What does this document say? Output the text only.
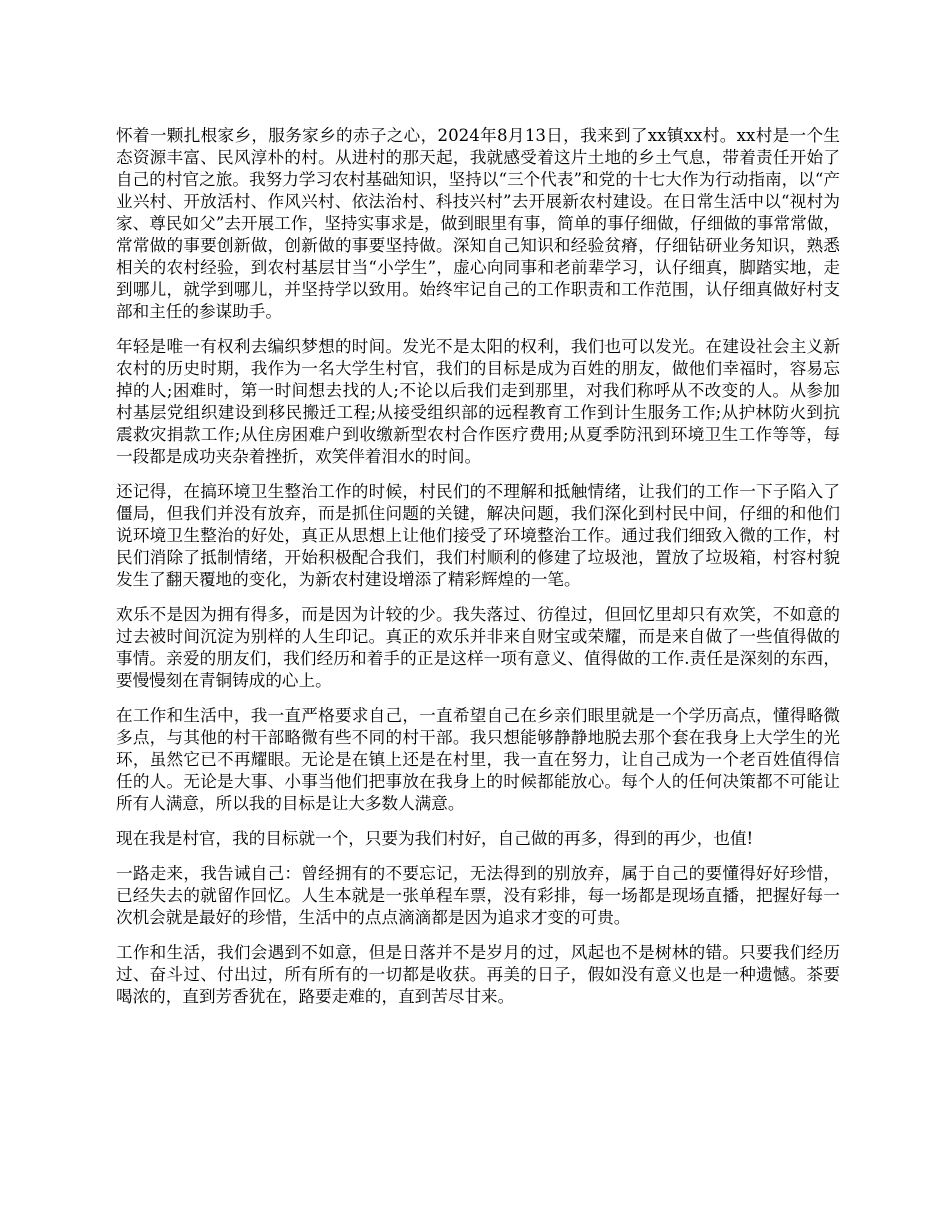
怀着一颗扎根家乡，服务家乡的赤子之心，2024年8月13日，我来到了xx镇xx村。xx村是一个生态资源丰富、民风淳朴的村。从进村的那天起，我就感受着这片土地的乡土气息，带着责任开始了自己的村官之旅。我努力学习农村基础知识，坚持以“三个代表”和党的十七大作为行动指南，以“产业兴村、开放活村、作风兴村、依法治村、科技兴村”去开展新农村建设。在日常生活中以“视村为家、尊民如父”去开展工作，坚持实事求是，做到眼里有事，简单的事仔细做，仔细做的事常常做，常常做的事要创新做，创新做的事要坚持做。深知自己知识和经验贫瘠，仔细钻研业务知识，熟悉相关的农村经验，到农村基层甘当“小学生”，虚心向同事和老前辈学习，认仔细真，脚踏实地，走到哪儿，就学到哪儿，并坚持学以致用。始终牢记自己的工作职责和工作范围，认仔细真做好村支部和主任的参谋助手。

年轻是唯一有权利去编织梦想的时间。发光不是太阳的权利，我们也可以发光。在建设社会主义新农村的历史时期，我作为一名大学生村官，我们的目标是成为百姓的朋友，做他们幸福时，容易忘掉的人;困难时，第一时间想去找的人;不论以后我们走到那里，对我们称呼从不改变的人。从参加村基层党组织建设到移民搬迁工程;从接受组织部的远程教育工作到计生服务工作;从护林防火到抗震救灾捐款工作;从住房困难户到收缴新型农村合作医疗费用;从夏季防汛到环境卫生工作等等，每一段都是成功夹杂着挫折，欢笑伴着泪水的时间。

还记得，在搞环境卫生整治工作的时候，村民们的不理解和抵触情绪，让我们的工作一下子陷入了僵局，但我们并没有放弃，而是抓住问题的关键，解决问题，我们深化到村民中间，仔细的和他们说环境卫生整治的好处，真正从思想上让他们接受了环境整治工作。通过我们细致入微的工作，村民们消除了抵制情绪，开始积极配合我们，我们村顺利的修建了垃圾池，置放了垃圾箱，村容村貌发生了翻天覆地的变化，为新农村建设增添了精彩辉煌的一笔。

欢乐不是因为拥有得多，而是因为计较的少。我失落过、彷徨过，但回忆里却只有欢笑，不如意的过去被时间沉淀为别样的人生印记。真正的欢乐并非来自财宝或荣耀，而是来自做了一些值得做的事情。亲爱的朋友们，我们经历和着手的正是这样一项有意义、值得做的工作.责任是深刻的东西，要慢慢刻在青铜铸成的心上。

在工作和生活中，我一直严格要求自己，一直希望自己在乡亲们眼里就是一个学历高点，懂得略微多点，与其他的村干部略微有些不同的村干部。我只想能够静静地脱去那个套在我身上大学生的光环，虽然它已不再耀眼。无论是在镇上还是在村里，我一直在努力，让自己成为一个老百姓值得信任的人。无论是大事、小事当他们把事放在我身上的时候都能放心。每个人的任何决策都不可能让所有人满意，所以我的目标是让大多数人满意。

现在我是村官，我的目标就一个，只要为我们村好，自己做的再多，得到的再少，也值!

一路走来，我告诫自己：曾经拥有的不要忘记，无法得到的别放弃，属于自己的要懂得好好珍惜，已经失去的就留作回忆。人生本就是一张单程车票，没有彩排，每一场都是现场直播，把握好每一次机会就是最好的珍惜，生活中的点点滴滴都是因为追求才变的可贵。

工作和生活，我们会遇到不如意，但是日落并不是岁月的过，风起也不是树林的错。只要我们经历过、奋斗过、付出过，所有所有的一切都是收获。再美的日子，假如没有意义也是一种遗憾。茶要喝浓的，直到芳香犹在，路要走难的，直到苦尽甘来。
